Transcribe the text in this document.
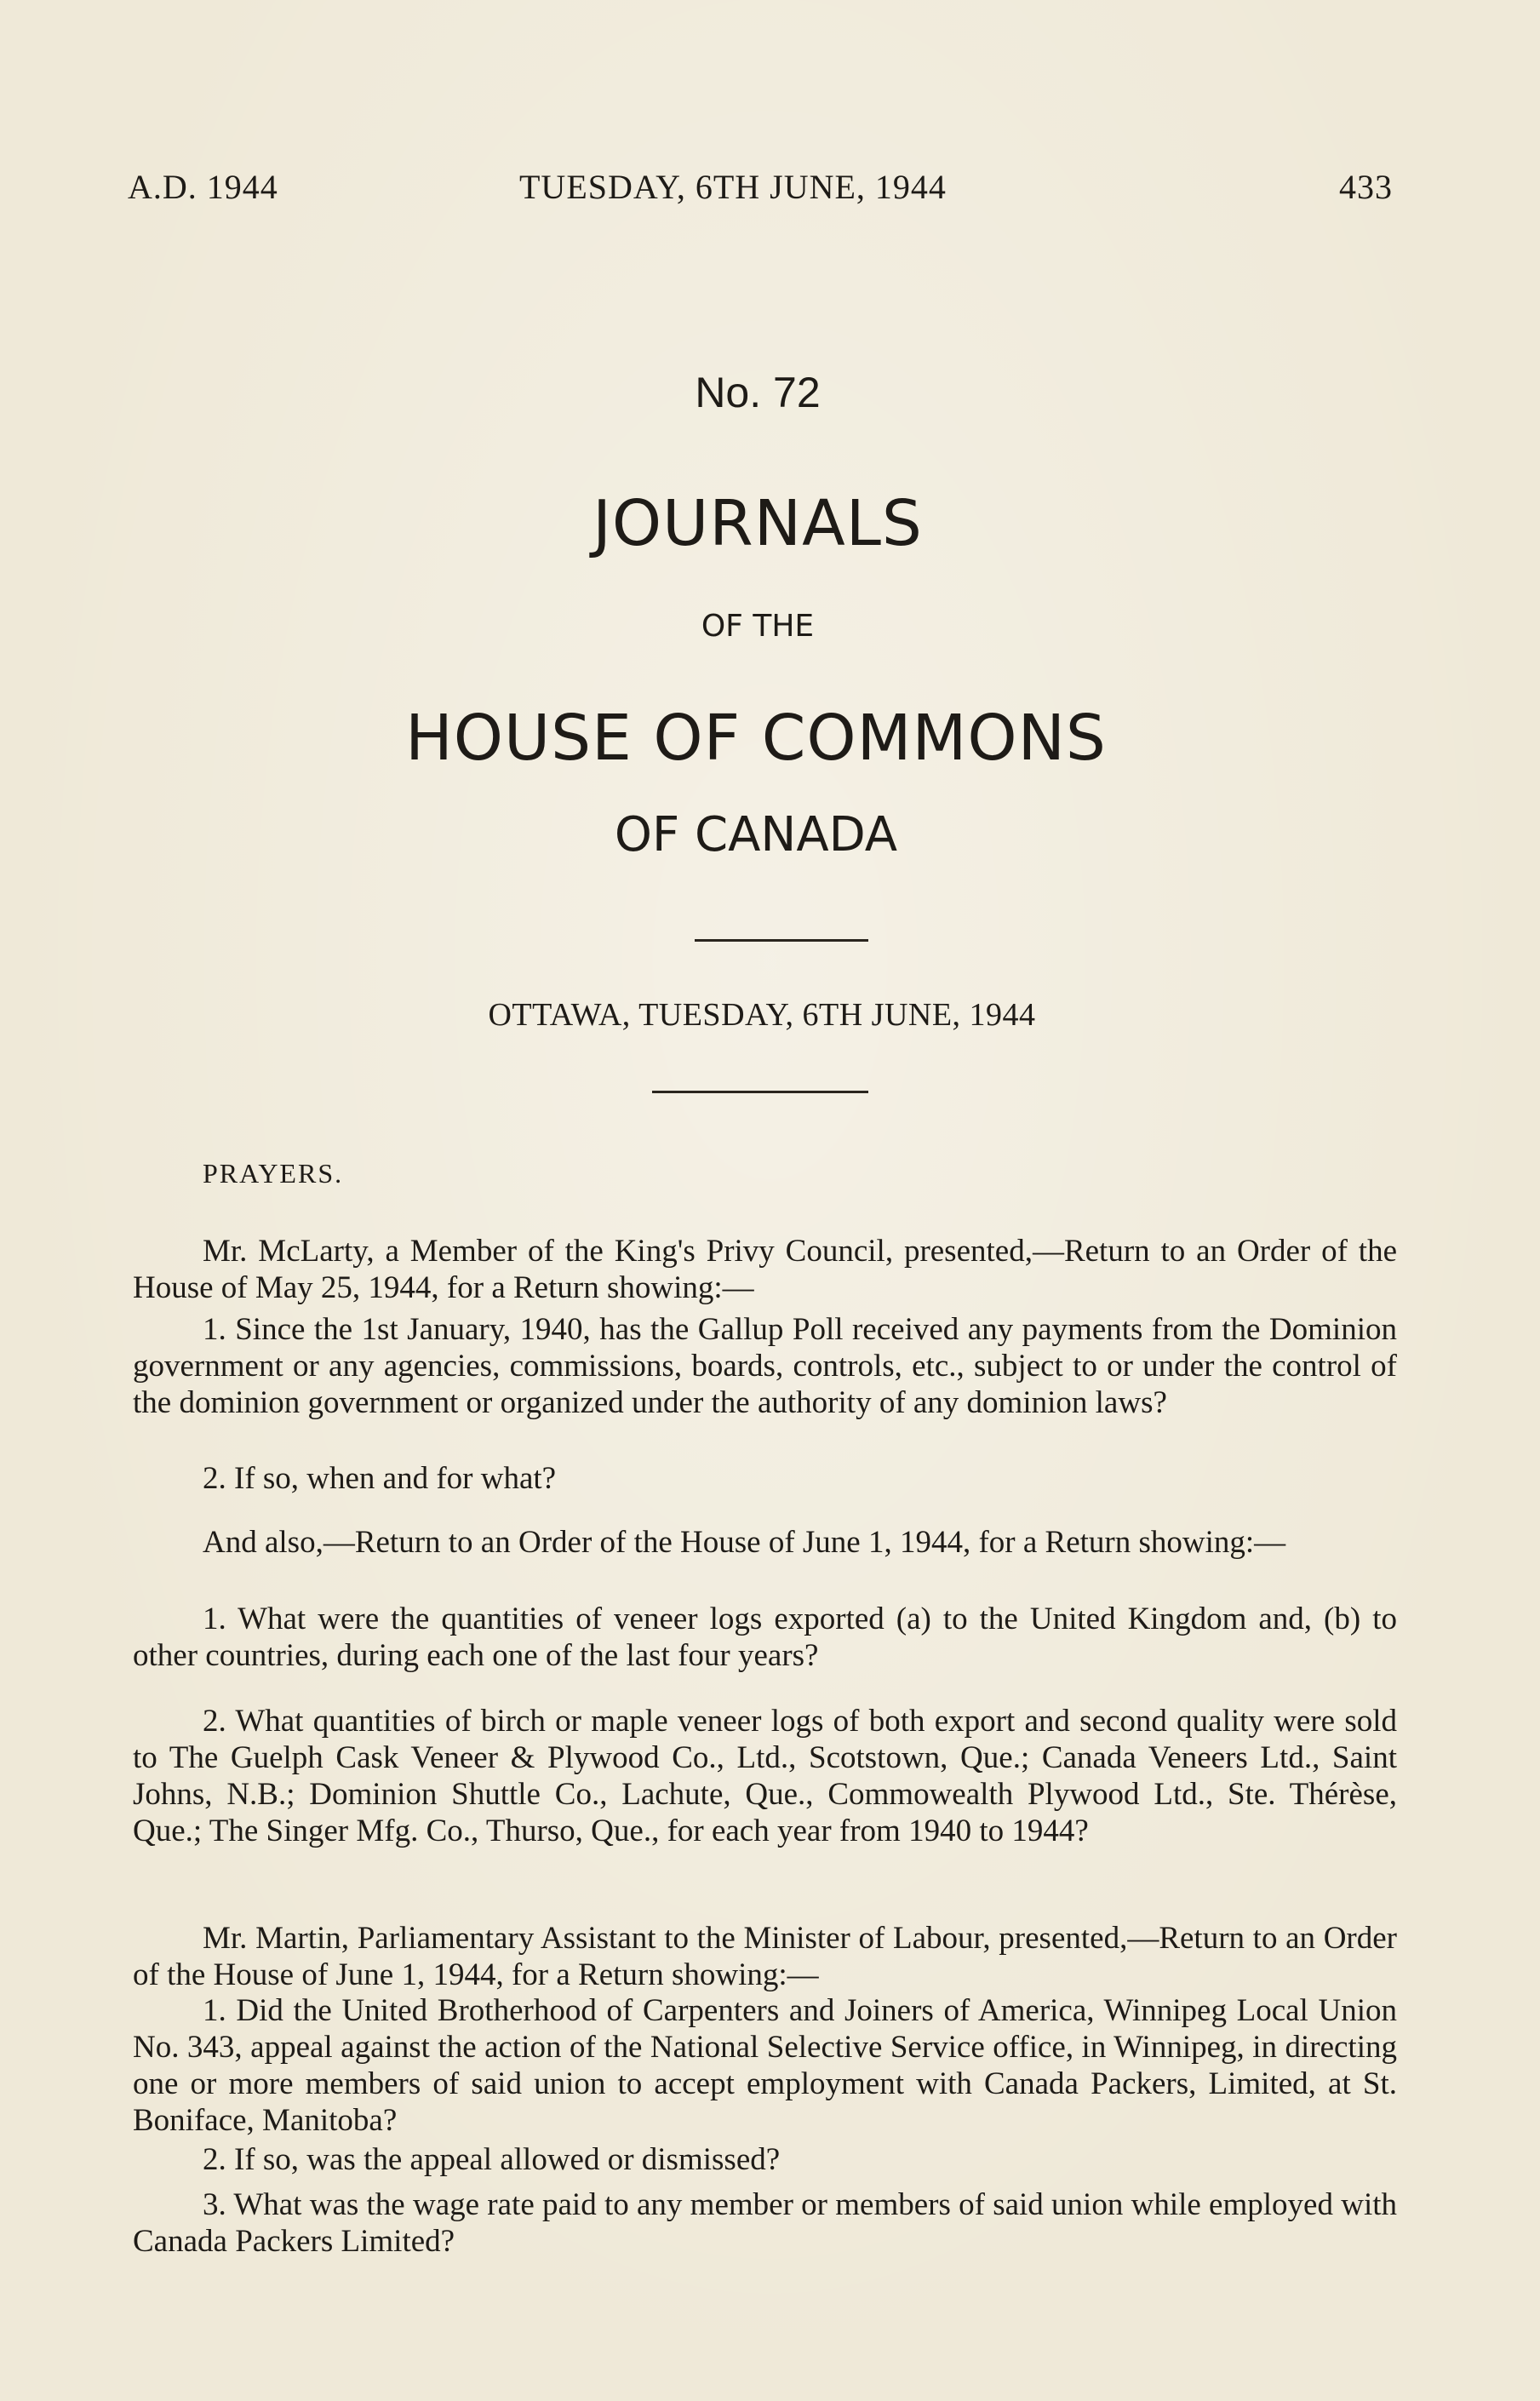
A.D. 1944	TUESDAY, 6TH JUNE, 1944	433
No. 72
JOURNALS
OF THE
HOUSE OF COMMONS
OF CANADA
OTTAWA, TUESDAY, 6TH JUNE, 1944
PRAYERS.

Mr. McLarty, a Member of the King's Privy Council, presented,—Return to an Order of the House of May 25, 1944, for a Return showing:—

1. Since the 1st January, 1940, has the Gallup Poll received any payments from the Dominion government or any agencies, commissions, boards, controls, etc., subject to or under the control of the dominion government or organized under the authority of any dominion laws?

2. If so, when and for what?

And also,—Return to an Order of the House of June 1, 1944, for a Return showing:—

1. What were the quantities of veneer logs exported (a) to the United Kingdom and, (b) to other countries, during each one of the last four years?

2. What quantities of birch or maple veneer logs of both export and second quality were sold to The Guelph Cask Veneer & Plywood Co., Ltd., Scotstown, Que.; Canada Veneers Ltd., Saint Johns, N.B.; Dominion Shuttle Co., Lachute, Que., Commowealth Plywood Ltd., Ste. Thérèse, Que.; The Singer Mfg. Co., Thurso, Que., for each year from 1940 to 1944?

Mr. Martin, Parliamentary Assistant to the Minister of Labour, presented,—Return to an Order of the House of June 1, 1944, for a Return showing:—

1. Did the United Brotherhood of Carpenters and Joiners of America, Winnipeg Local Union No. 343, appeal against the action of the National Selective Service office, in Winnipeg, in directing one or more members of said union to accept employment with Canada Packers, Limited, at St. Boniface, Manitoba?

2. If so, was the appeal allowed or dismissed?

3. What was the wage rate paid to any member or members of said union while employed with Canada Packers Limited?
